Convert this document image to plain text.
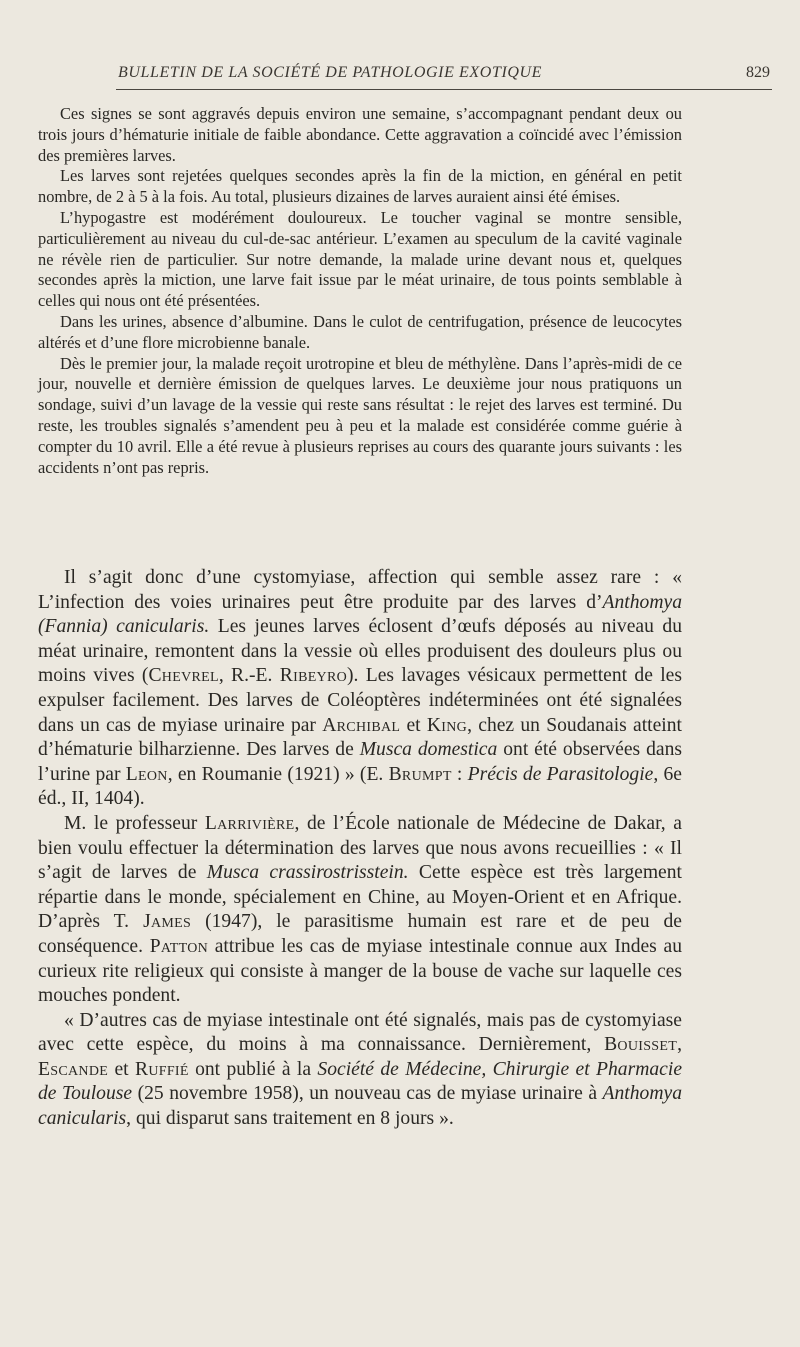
BULLETIN DE LA SOCIÉTÉ DE PATHOLOGIE EXOTIQUE	829

Ces signes se sont aggravés depuis environ une semaine, s’accompagnant pendant deux ou trois jours d’hématurie initiale de faible abondance. Cette aggravation a coïncidé avec l’émission des premières larves.

Les larves sont rejetées quelques secondes après la fin de la miction, en général en petit nombre, de 2 à 5 à la fois. Au total, plusieurs dizaines de larves auraient ainsi été émises.

L’hypogastre est modérément douloureux. Le toucher vaginal se montre sensible, particulièrement au niveau du cul-de-sac antérieur. L’examen au speculum de la cavité vaginale ne révèle rien de particulier. Sur notre demande, la malade urine devant nous et, quelques secondes après la miction, une larve fait issue par le méat urinaire, de tous points semblable à celles qui nous ont été présentées.

Dans les urines, absence d’albumine. Dans le culot de centrifugation, présence de leucocytes altérés et d’une flore microbienne banale.

Dès le premier jour, la malade reçoit urotropine et bleu de méthylène. Dans l’après-midi de ce jour, nouvelle et dernière émission de quelques larves. Le deuxième jour nous pratiquons un sondage, suivi d’un lavage de la vessie qui reste sans résultat : le rejet des larves est terminé. Du reste, les troubles signalés s’amendent peu à peu et la malade est considérée comme guérie à compter du 10 avril. Elle a été revue à plusieurs reprises au cours des quarante jours suivants : les accidents n’ont pas repris.

Il s’agit donc d’une cystomyiase, affection qui semble assez rare : « L’infection des voies urinaires peut être produite par des larves d’Anthomya (Fannia) canicularis. Les jeunes larves éclosent d’œufs déposés au niveau du méat urinaire, remontent dans la vessie où elles produisent des douleurs plus ou moins vives (Chevrel, R.-E. Ribeyro). Les lavages vésicaux permettent de les expulser facilement. Des larves de Coléoptères indéterminées ont été signalées dans un cas de myiase urinaire par Archibal et King, chez un Soudanais atteint d’hématurie bilharzienne. Des larves de Musca domestica ont été observées dans l’urine par Leon, en Roumanie (1921) » (E. Brumpt : Précis de Parasitologie, 6e éd., II, 1404).

M. le professeur Larrivière, de l’École nationale de Médecine de Dakar, a bien voulu effectuer la détermination des larves que nous avons recueillies : « Il s’agit de larves de Musca crassirostrisstein. Cette espèce est très largement répartie dans le monde, spécialement en Chine, au Moyen-Orient et en Afrique. D’après T. James (1947), le parasitisme humain est rare et de peu de conséquence. Patton attribue les cas de myiase intestinale connue aux Indes au curieux rite religieux qui consiste à manger de la bouse de vache sur laquelle ces mouches pondent.

« D’autres cas de myiase intestinale ont été signalés, mais pas de cystomyiase avec cette espèce, du moins à ma connaissance. Dernièrement, Bouisset, Escande et Ruffié ont publié à la Société de Médecine, Chirurgie et Pharmacie de Toulouse (25 novembre 1958), un nouveau cas de myiase urinaire à Anthomya canicularis, qui disparut sans traitement en 8 jours ».
